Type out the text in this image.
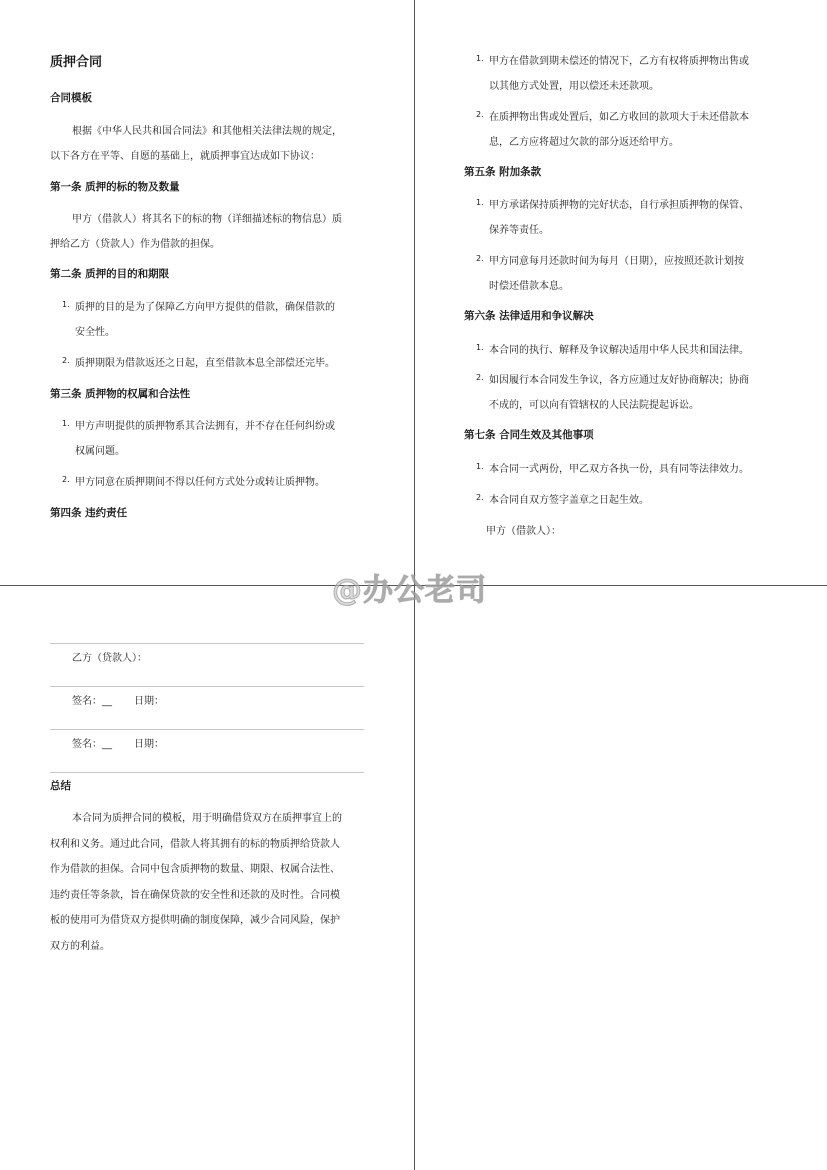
质押合同
合同模板
根据《中华人民共和国合同法》和其他相关法律法规的规定，
以下各方在平等、自愿的基础上，就质押事宜达成如下协议：
第一条 质押的标的物及数量
甲方（借款人）将其名下的标的物（详细描述标的物信息）质
押给乙方（贷款人）作为借款的担保。
第二条 质押的目的和期限
1. 质押的目的是为了保障乙方向甲方提供的借款，确保借款的
安全性。
2. 质押期限为借款返还之日起，直至借款本息全部偿还完毕。
第三条 质押物的权属和合法性
1. 甲方声明提供的质押物系其合法拥有，并不存在任何纠纷或
权属问题。
2. 甲方同意在质押期间不得以任何方式处分或转让质押物。
第四条 违约责任
1. 甲方在借款到期未偿还的情况下，乙方有权将质押物出售或
以其他方式处置，用以偿还未还款项。
2. 在质押物出售或处置后，如乙方收回的款项大于未还借款本
息，乙方应将超过欠款的部分返还给甲方。
第五条 附加条款
1. 甲方承诺保持质押物的完好状态，自行承担质押物的保管、
保养等责任。
2. 甲方同意每月还款时间为每月（日期），应按照还款计划按
时偿还借款本息。
第六条 法律适用和争议解决
1. 本合同的执行、解释及争议解决适用中华人民共和国法律。
2. 如因履行本合同发生争议，各方应通过友好协商解决；协商
不成的，可以向有管辖权的人民法院提起诉讼。
第七条 合同生效及其他事项
1. 本合同一式两份，甲乙双方各执一份，具有同等法律效力。
2. 本合同自双方签字盖章之日起生效。
甲方（借款人）：
乙方（贷款人）：
签名：__ 日期：
签名：__ 日期：
总结
本合同为质押合同的模板，用于明确借贷双方在质押事宜上的
权利和义务。通过此合同，借款人将其拥有的标的物质押给贷款人
作为借款的担保。合同中包含质押物的数量、期限、权属合法性、
违约责任等条款，旨在确保贷款的安全性和还款的及时性。合同模
板的使用可为借贷双方提供明确的制度保障，减少合同风险，保护
双方的利益。
@办公老司
